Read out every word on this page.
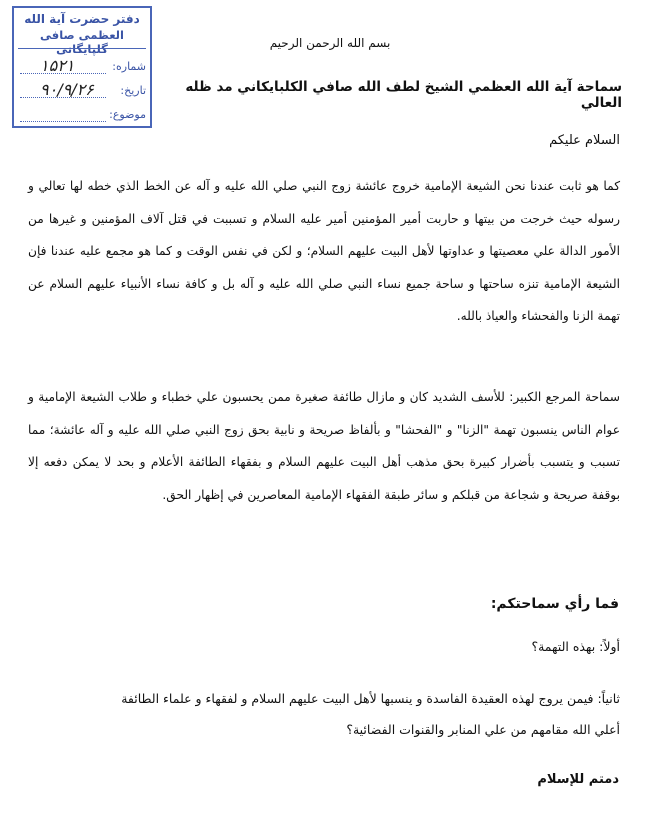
دفتر حضرت آية الله
العظمی صافی گلپايگانی
شماره:
۱۵۲۱
تاریخ:
۹۰/۹/۲۶
موضوع:
بسم الله الرحمن الرحيم
سماحة آية الله العظمي الشيخ لطف الله صافي الكلبايكاني مد ظله العالي
السلام عليكم
كما هو ثابت عندنا نحن الشيعة الإمامية خروج عائشة زوج النبي صلي الله عليه و آله عن الخط الذي خطه لها تعالي و رسوله حيث خرجت من بيتها و حاربت أمير المؤمنين أمير عليه السلام و تسببت في قتل آلاف المؤمنين و غيرها من الأمور الدالة علي معصيتها و عداوتها لأهل البيت عليهم السلام؛ و لكن في نفس الوقت و كما هو مجمع عليه عندنا فإن الشيعة الإمامية تنزه ساحتها و ساحة جميع نساء النبي صلي الله عليه و آله بل و كافة نساء الأنبياء عليهم السلام عن تهمة الزنا والفحشاء والعياذ بالله.
سماحة المرجع الكبير: للأسف الشديد كان و مازال طائفة صغيرة ممن يحسبون علي خطباء و طلاب الشيعة الإمامية و عوام الناس ينسبون تهمة "الزنا" و "الفحشا" و بألفاظ صريحة و نابية بحق زوج النبي صلي الله عليه و آله عائشة؛ مما تسبب و يتسبب بأضرار كبيرة بحق مذهب أهل البيت عليهم السلام و بفقهاء الطائفة الأعلام و بحد لا يمكن دفعه إلا بوقفة صريحة و شجاعة من قبلكم و سائر طبقة الفقهاء الإمامية المعاصرين في إظهار الحق.
فما رأي سماحتكم:
أولاً: بهذه التهمة؟
ثانياً: فيمن يروج لهذه العقيدة الفاسدة و ينسبها لأهل البيت عليهم السلام و لفقهاء و علماء الطائفة
أعلي الله مقامهم من علي المنابر والقنوات الفضائية؟
دمتم للإسلام
